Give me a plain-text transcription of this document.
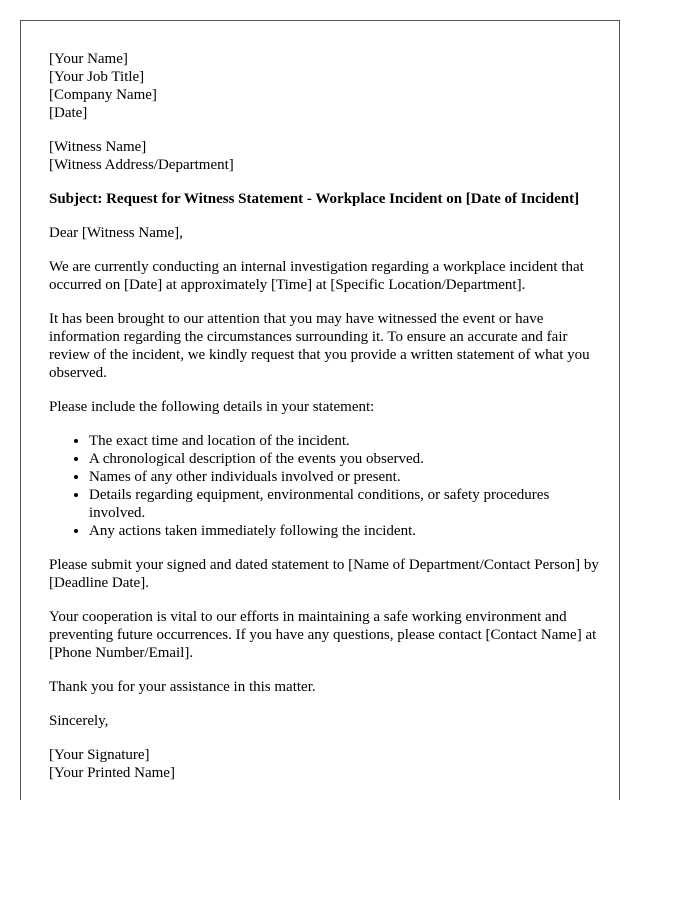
[Your Name]
[Your Job Title]
[Company Name]
[Date]
[Witness Name]
[Witness Address/Department]
Subject: Request for Witness Statement - Workplace Incident on [Date of Incident]

Dear [Witness Name],

We are currently conducting an internal investigation regarding a workplace incident that occurred on [Date] at approximately [Time] at [Specific Location/Department].

It has been brought to our attention that you may have witnessed the event or have information regarding the circumstances surrounding it. To ensure an accurate and fair review of the incident, we kindly request that you provide a written statement of what you observed.

Please include the following details in your statement:

• The exact time and location of the incident.
• A chronological description of the events you observed.
• Names of any other individuals involved or present.
• Details regarding equipment, environmental conditions, or safety procedures involved.
• Any actions taken immediately following the incident.

Please submit your signed and dated statement to [Name of Department/Contact Person] by [Deadline Date].

Your cooperation is vital to our efforts in maintaining a safe working environment and preventing future occurrences. If you have any questions, please contact [Contact Name] at [Phone Number/Email].

Thank you for your assistance in this matter.

Sincerely,

[Your Signature]
[Your Printed Name]
